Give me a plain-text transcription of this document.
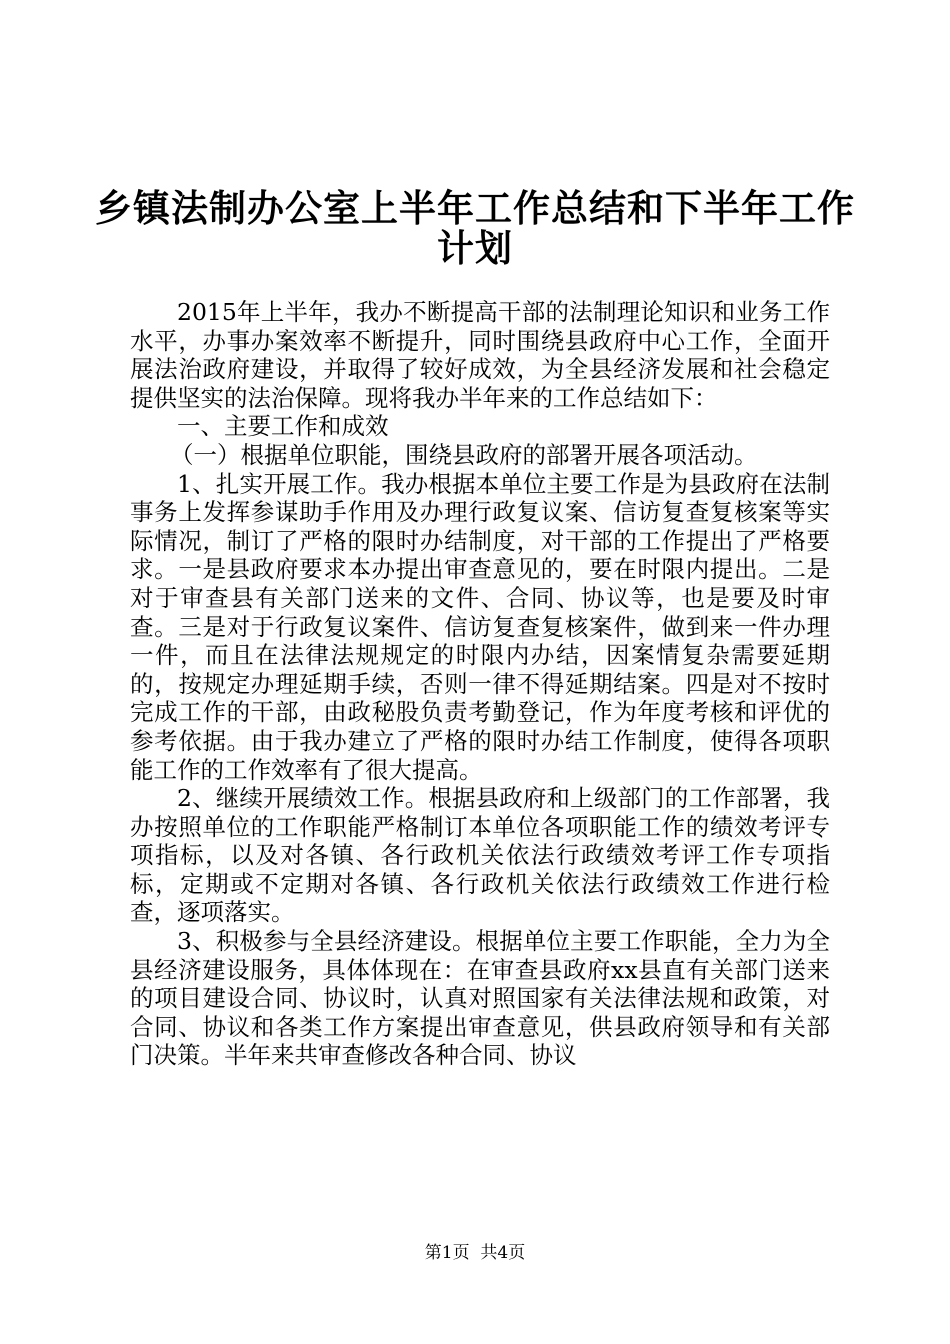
乡镇法制办公室上半年工作总结和下半年工作
计划

2015年上半年，我办不断提高干部的法制理论知识和业务工作水平，办事办案效率不断提升，同时围绕县政府中心工作，全面开展法治政府建设，并取得了较好成效，为全县经济发展和社会稳定提供坚实的法治保障。现将我办半年来的工作总结如下：

一、主要工作和成效

（一）根据单位职能，围绕县政府的部署开展各项活动。

1、扎实开展工作。我办根据本单位主要工作是为县政府在法制事务上发挥参谋助手作用及办理行政复议案、信访复查复核案等实际情况，制订了严格的限时办结制度，对干部的工作提出了严格要求。一是县政府要求本办提出审查意见的，要在时限内提出。二是对于审查县有关部门送来的文件、合同、协议等，也是要及时审查。三是对于行政复议案件、信访复查复核案件，做到来一件办理一件，而且在法律法规规定的时限内办结，因案情复杂需要延期的，按规定办理延期手续，否则一律不得延期结案。四是对不按时完成工作的干部，由政秘股负责考勤登记，作为年度考核和评优的参考依据。由于我办建立了严格的限时办结工作制度，使得各项职能工作的工作效率有了很大提高。

2、继续开展绩效工作。根据县政府和上级部门的工作部署，我办按照单位的工作职能严格制订本单位各项职能工作的绩效考评专项指标，以及对各镇、各行政机关依法行政绩效考评工作专项指标，定期或不定期对各镇、各行政机关依法行政绩效工作进行检查，逐项落实。

3、积极参与全县经济建设。根据单位主要工作职能，全力为全县经济建设服务，具体体现在：在审查县政府xx县直有关部门送来的项目建设合同、协议时，认真对照国家有关法律法规和政策，对合同、协议和各类工作方案提出审查意见，供县政府领导和有关部门决策。半年来共审查修改各种合同、协议

第1页  共4页
